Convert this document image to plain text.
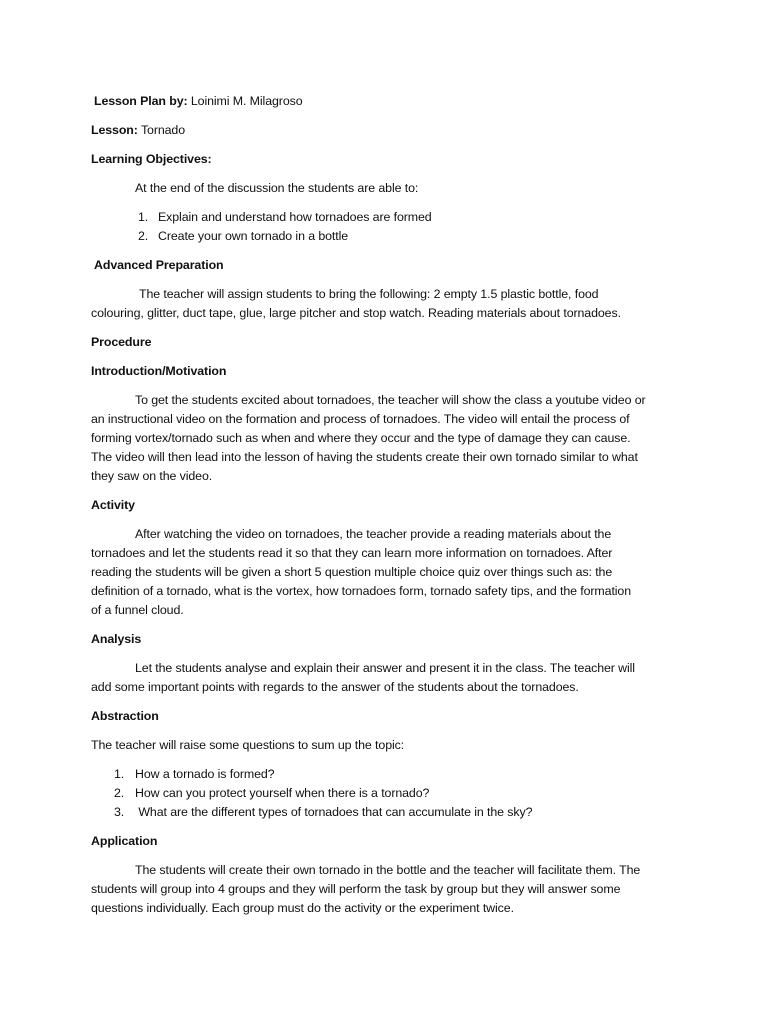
Lesson Plan by: Loinimi M. Milagroso

Lesson: Tornado

Learning Objectives:

At the end of the discussion the students are able to:

1. Explain and understand how tornadoes are formed
2. Create your own tornado in a bottle

Advanced Preparation

The teacher will assign students to bring the following: 2 empty 1.5 plastic bottle, food

colouring, glitter, duct tape, glue, large pitcher and stop watch. Reading materials about tornadoes.

Procedure

Introduction/Motivation

To get the students excited about tornadoes, the teacher will show the class a youtube video or

an instructional video on the formation and process of tornadoes. The video will entail the process of

forming vortex/tornado such as when and where they occur and the type of damage they can cause.

The video will then lead into the lesson of having the students create their own tornado similar to what

they saw on the video.

Activity

After watching the video on tornadoes, the teacher provide a reading materials about the

tornadoes and let the students read it so that they can learn more information on tornadoes. After

reading the students will be given a short 5 question multiple choice quiz over things such as: the

definition of a tornado, what is the vortex, how tornadoes form, tornado safety tips, and the formation

of a funnel cloud.

Analysis

Let the students analyse and explain their answer and present it in the class. The teacher will

add some important points with regards to the answer of the students about the tornadoes.

Abstraction

The teacher will raise some questions to sum up the topic:

1. How a tornado is formed?
2. How can you protect yourself when there is a tornado?
3. What are the different types of tornadoes that can accumulate in the sky?

Application

The students will create their own tornado in the bottle and the teacher will facilitate them. The

students will group into 4 groups and they will perform the task by group but they will answer some

questions individually. Each group must do the activity or the experiment twice.
